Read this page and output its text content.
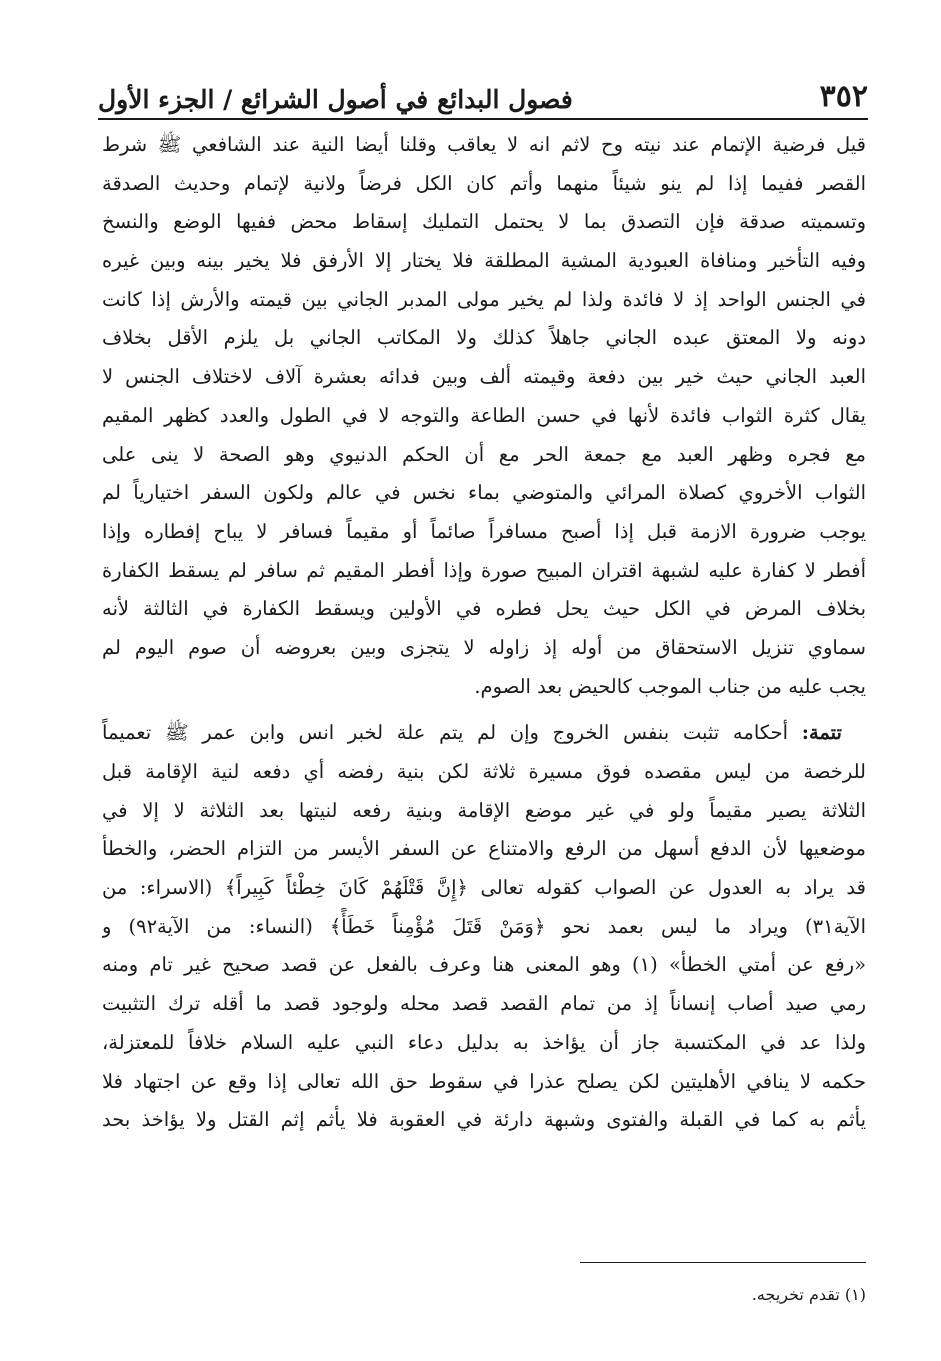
٣٥٢
فصول البدائع في أصول الشرائع / الجزء الأول
قيل فرضية الإتمام عند نيته وح لاثم انه لا يعاقب وقلنا أيضا النية عند الشافعي ﷺ شرط
القصر ففيما إذا لم ينو شيئاً منهما وأتم كان الكل فرضاً ولانية لإتمام وحديث الصدقة
وتسميته صدقة فإن التصدق بما لا يحتمل التمليك إسقاط محض ففيها الوضع والنسخ
وفيه التأخير ومنافاة العبودية المشية المطلقة فلا يختار إلا الأرفق فلا يخير بينه وبين غيره
في الجنس الواحد إذ لا فائدة ولذا لم يخير مولى المدبر الجاني بين قيمته والأرش إذا كانت
دونه ولا المعتق عبده الجاني جاهلاً كذلك ولا المكاتب الجاني بل يلزم الأقل بخلاف
العبد الجاني حيث خير بين دفعة وقيمته ألف وبين فدائه بعشرة آلاف لاختلاف الجنس لا
يقال كثرة الثواب فائدة لأنها في حسن الطاعة والتوجه لا في الطول والعدد كظهر المقيم
مع فجره وظهر العبد مع جمعة الحر مع أن الحكم الدنيوي وهو الصحة لا ينى على
الثواب الأخروي كصلاة المرائي والمتوضي بماء نخس في عالم ولكون السفر اختيارياً لم
يوجب ضرورة الازمة قبل إذا أصبح مسافراً صائماً أو مقيماً فسافر لا يباح إفطاره وإذا
أفطر لا كفارة عليه لشبهة اقتران المبيح صورة وإذا أفطر المقيم ثم سافر لم يسقط الكفارة
بخلاف المرض في الكل حيث يحل فطره في الأولين ويسقط الكفارة في الثالثة لأنه
سماوي تنزيل الاستحقاق من أوله إذ زاوله لا يتجزى وبين بعروضه أن صوم اليوم لم
يجب عليه من جناب الموجب كالحيض بعد الصوم.
تتمة: أحكامه تثبت بنفس الخروج وإن لم يتم علة لخبر انس وابن عمر ﷺ تعميماً
للرخصة من ليس مقصده فوق مسيرة ثلاثة لكن بنية رفضه أي دفعه لنية الإقامة قبل
الثلاثة يصير مقيماً ولو في غير موضع الإقامة وبنية رفعه لنيتها بعد الثلاثة لا إلا في
موضعيها لأن الدفع أسهل من الرفع والامتناع عن السفر الأيسر من التزام الحضر، والخطأ
قد يراد به العدول عن الصواب كقوله تعالى ﴿إِنَّ قَتْلَهُمْ كَانَ خِطْئاً كَبِيراً﴾ (الاسراء: من
الآية٣١) ويراد ما ليس بعمد نحو ﴿وَمَنْ قَتَلَ مُؤْمِناً خَطَأً﴾ (النساء: من الآية٩٢) و
«رفع عن أمتي الخطأ» (١) وهو المعنى هنا وعرف بالفعل عن قصد صحيح غير تام ومنه
رمي صيد أصاب إنساناً إذ من تمام القصد قصد محله ولوجود قصد ما أقله ترك التثبيت
ولذا عد في المكتسبة جاز أن يؤاخذ به بدليل دعاء النبي عليه السلام خلافاً للمعتزلة،
حكمه لا ينافي الأهليتين لكن يصلح عذرا في سقوط حق الله تعالى إذا وقع عن اجتهاد فلا
يأثم به كما في القبلة والفتوى وشبهة دارئة في العقوبة فلا يأثم إثم القتل ولا يؤاخذ بحد
(١) تقدم تخريجه.
